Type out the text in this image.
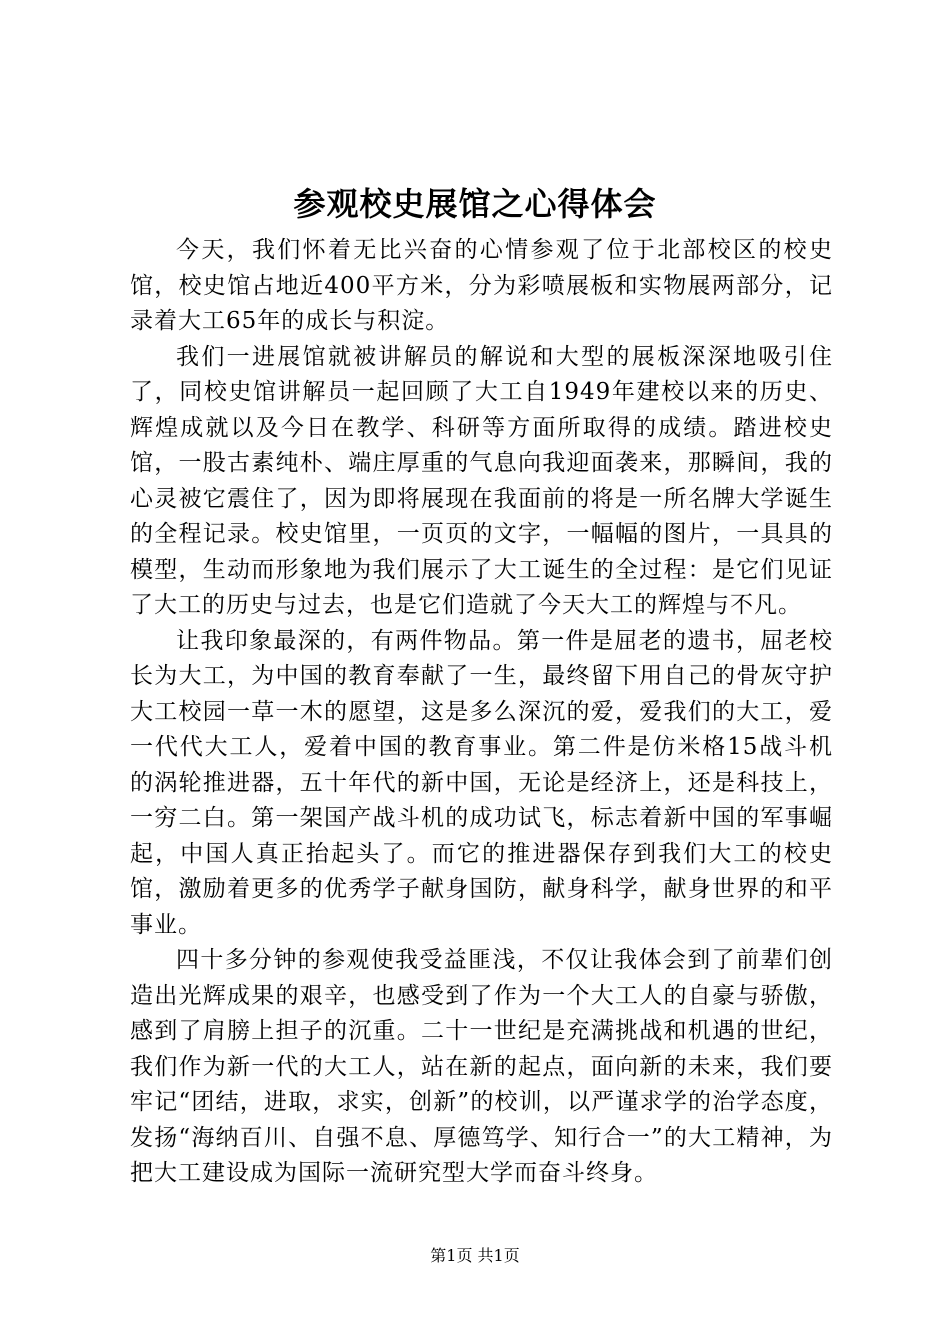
参观校史展馆之心得体会

今天，我们怀着无比兴奋的心情参观了位于北部校区的校史馆，校史馆占地近400平方米，分为彩喷展板和实物展两部分，记录着大工65年的成长与积淀。

我们一进展馆就被讲解员的解说和大型的展板深深地吸引住了，同校史馆讲解员一起回顾了大工自1949年建校以来的历史、辉煌成就以及今日在教学、科研等方面所取得的成绩。踏进校史馆，一股古素纯朴、端庄厚重的气息向我迎面袭来，那瞬间，我的心灵被它震住了，因为即将展现在我面前的将是一所名牌大学诞生的全程记录。校史馆里，一页页的文字，一幅幅的图片，一具具的模型，生动而形象地为我们展示了大工诞生的全过程：是它们见证了大工的历史与过去，也是它们造就了今天大工的辉煌与不凡。

让我印象最深的，有两件物品。第一件是屈老的遗书，屈老校长为大工，为中国的教育奉献了一生，最终留下用自己的骨灰守护大工校园一草一木的愿望，这是多么深沉的爱，爱我们的大工，爱一代代大工人，爱着中国的教育事业。第二件是仿米格15战斗机的涡轮推进器，五十年代的新中国，无论是经济上，还是科技上，一穷二白。第一架国产战斗机的成功试飞，标志着新中国的军事崛起，中国人真正抬起头了。而它的推进器保存到我们大工的校史馆，激励着更多的优秀学子献身国防，献身科学，献身世界的和平事业。

四十多分钟的参观使我受益匪浅，不仅让我体会到了前辈们创造出光辉成果的艰辛，也感受到了作为一个大工人的自豪与骄傲，感到了肩膀上担子的沉重。二十一世纪是充满挑战和机遇的世纪，我们作为新一代的大工人，站在新的起点，面向新的未来，我们要牢记“团结，进取，求实，创新”的校训，以严谨求学的治学态度，发扬“海纳百川、自强不息、厚德笃学、知行合一”的大工精神，为把大工建设成为国际一流研究型大学而奋斗终身。

第1页 共1页
